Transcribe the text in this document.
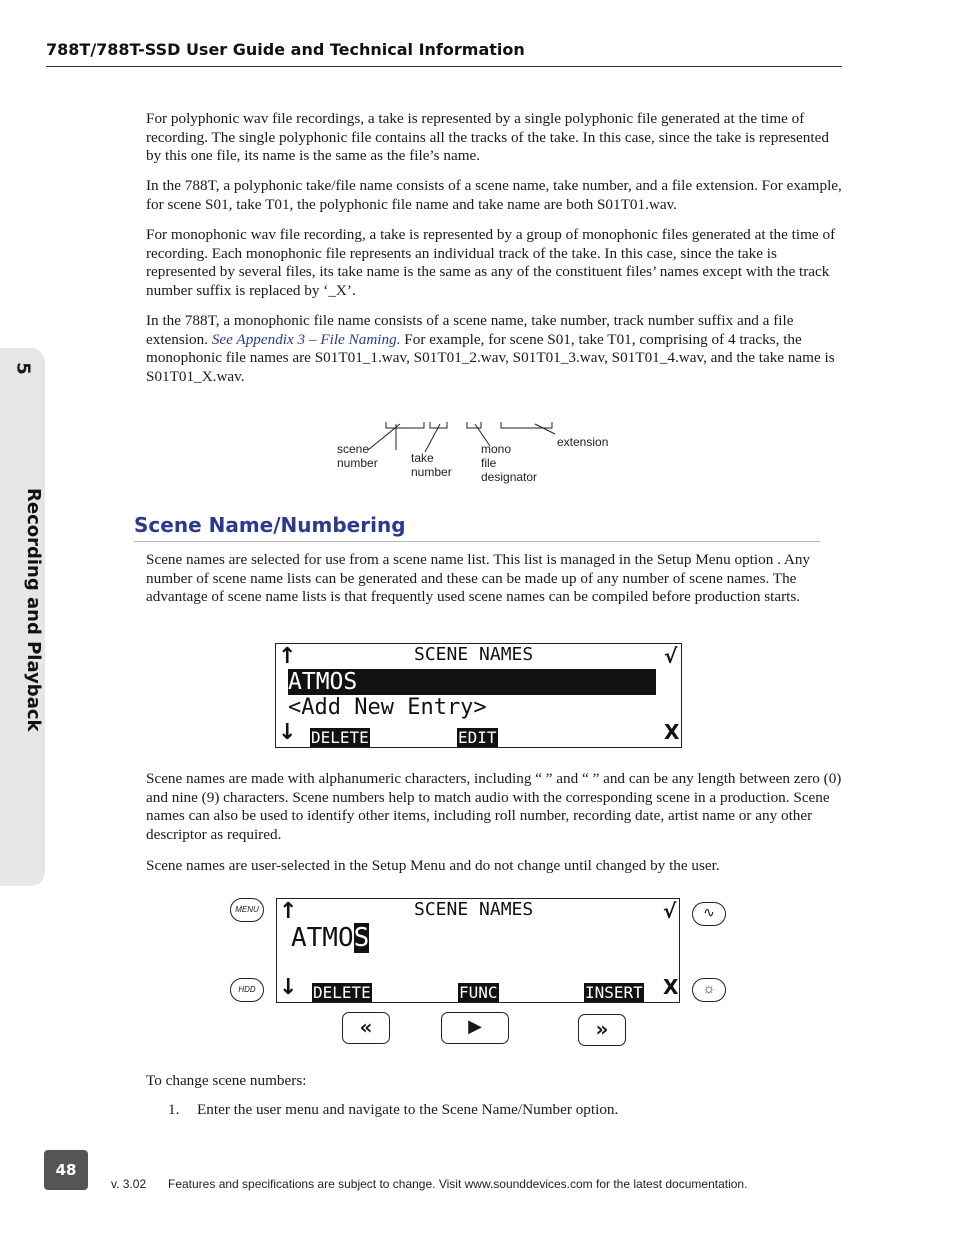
788T/788T-SSD User Guide and Technical Information
5
Recording and Playback

For polyphonic wav file recordings, a take is represented by a single polyphonic file generated at the time of recording. The single polyphonic file contains all the tracks of the take. In this case, since the take is represented by this one file, its name is the same as the file’s name.

In the 788T, a polyphonic take/file name consists of a scene name, take number, and a file extension. For example, for scene S01, take T01, the polyphonic file name and take name are both S01T01.wav.

For monophonic wav file recording, a take is represented by a group of monophonic files generated at the time of recording. Each monophonic file represents an individual track of the take. In this case, since the take is represented by several files, its take name is the same as any of the constituent files’ names except with the track number suffix is replaced by ‘_X’.

In the 788T, a monophonic file name consists of a scene name, take number, track number suffix and a file extension. See Appendix 3 – File Naming. For example, for scene S01, take T01, comprising of 4 tracks, the monophonic file names are S01T01_1.wav, S01T01_2.wav, S01T01_3.wav, S01T01_4.wav, and the take name is S01T01_X.wav.

scene
number	take
number
mono
file
designator
extension
Scene Name/Numbering

Scene names are selected for use from a scene name list. This list is managed in the Setup Menu option . Any number of scene name lists can be generated and these can be made up of any number of scene names. The advantage of scene name lists is that frequently used scene names can be compiled before production starts.

↑	SCENE NAMES	√
ATMOS
<Add New Entry>
↓ DELETE	EDIT	X

Scene names are made with alphanumeric characters, including “ ” and “ ” and can be any length between zero (0) and nine (9) characters. Scene numbers help to match audio with the corresponding scene in a production. Scene names can also be used to identify other items, including roll number, recording date, artist name or any other descriptor as required.

Scene names are user-selected in the Setup Menu and do not change until changed by the user.

MENU
HDD
∿
☼
↑	SCENE NAMES	√
ATMOS
↓ DELETE	FUNC	INSERT X
«	▶	»

To change scene numbers:

1. Enter the user menu and navigate to the Scene Name/Number option.
48
v. 3.02 Features and specifications are subject to change. Visit www.sounddevices.com for the latest documentation.
